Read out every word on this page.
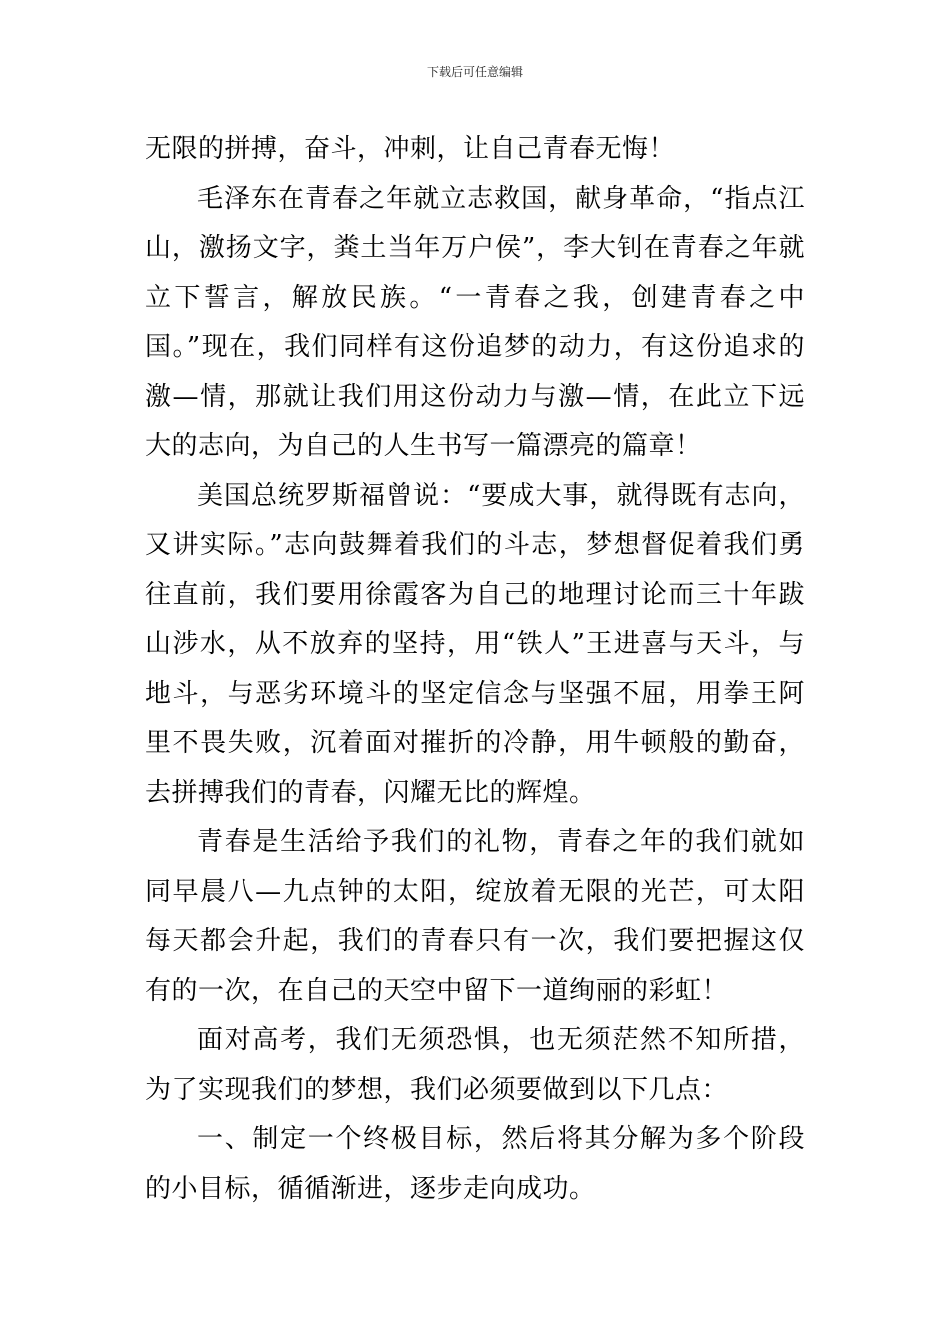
下载后可任意编辑

无限的拼搏，奋斗，冲刺，让自己青春无悔！

毛泽东在青春之年就立志救国，献身革命，“指点江山，激扬文字，粪土当年万户侯”，李大钊在青春之年就立下誓言，解放民族。“一青春之我，创建青春之中国。”现在，我们同样有这份追梦的动力，有这份追求的激—情，那就让我们用这份动力与激—情，在此立下远大的志向，为自己的人生书写一篇漂亮的篇章！

美国总统罗斯福曾说：“要成大事，就得既有志向，又讲实际。”志向鼓舞着我们的斗志，梦想督促着我们勇往直前，我们要用徐霞客为自己的地理讨论而三十年跋山涉水，从不放弃的坚持，用“铁人”王进喜与天斗，与地斗，与恶劣环境斗的坚定信念与坚强不屈，用拳王阿里不畏失败，沉着面对摧折的冷静，用牛顿般的勤奋，去拼搏我们的青春，闪耀无比的辉煌。

青春是生活给予我们的礼物，青春之年的我们就如同早晨八—九点钟的太阳，绽放着无限的光芒，可太阳每天都会升起，我们的青春只有一次，我们要把握这仅有的一次，在自己的天空中留下一道绚丽的彩虹！

面对高考，我们无须恐惧，也无须茫然不知所措，为了实现我们的梦想，我们必须要做到以下几点：

一、制定一个终极目标，然后将其分解为多个阶段的小目标，循循渐进，逐步走向成功。
